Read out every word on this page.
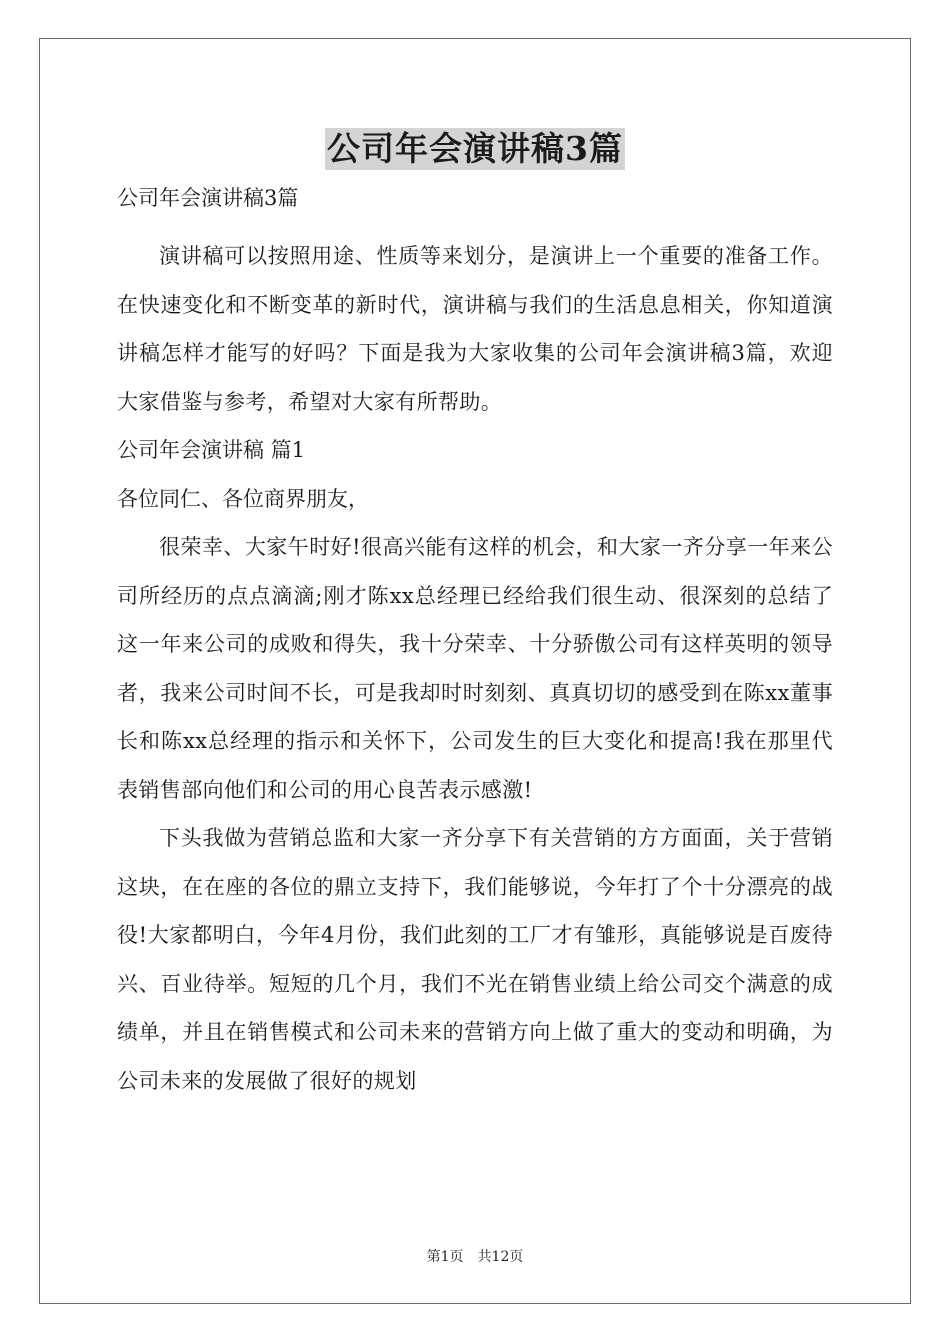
公司年会演讲稿3篇

公司年会演讲稿3篇

演讲稿可以按照用途、性质等来划分，是演讲上一个重要的准备工作。在快速变化和不断变革的新时代，演讲稿与我们的生活息息相关，你知道演讲稿怎样才能写的好吗？下面是我为大家收集的公司年会演讲稿3篇，欢迎大家借鉴与参考，希望对大家有所帮助。

公司年会演讲稿 篇1

各位同仁、各位商界朋友，

很荣幸、大家午时好!很高兴能有这样的机会，和大家一齐分享一年来公司所经历的点点滴滴;刚才陈xx总经理已经给我们很生动、很深刻的总结了这一年来公司的成败和得失，我十分荣幸、十分骄傲公司有这样英明的领导者，我来公司时间不长，可是我却时时刻刻、真真切切的感受到在陈xx董事长和陈xx总经理的指示和关怀下，公司发生的巨大变化和提高!我在那里代表销售部向他们和公司的用心良苦表示感激!

下头我做为营销总监和大家一齐分享下有关营销的方方面面，关于营销这块，在在座的各位的鼎立支持下，我们能够说，今年打了个十分漂亮的战役!大家都明白，今年4月份，我们此刻的工厂才有雏形，真能够说是百废待兴、百业待举。短短的几个月，我们不光在销售业绩上给公司交个满意的成绩单，并且在销售模式和公司未来的营销方向上做了重大的变动和明确，为公司未来的发展做了很好的规划

第1页　共12页
